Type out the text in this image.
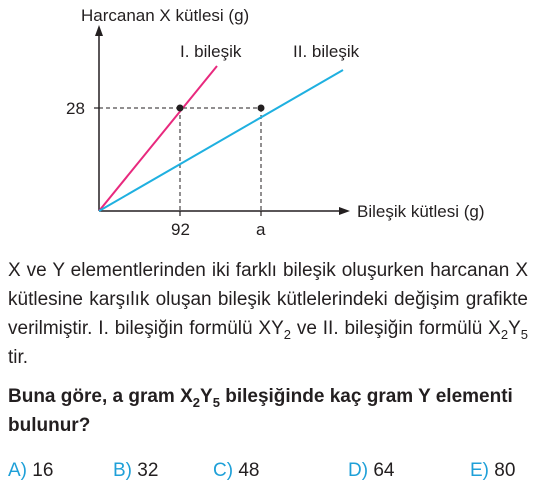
Harcanan X kütlesi (g)
Bileşik kütlesi (g)
28
92	a
I. bileşik	II. bileşik

X ve Y elementlerinden iki farklı bileşik oluşurken harcanan X kütlesine karşılık oluşan bileşik kütlelerindeki değişim grafikte verilmiştir. I. bileşiğin formülü $XY_2$ ve II. bileşiğin formülü $X_2Y_5$ tir.

Buna göre, a gram $X_2Y_5$ bileşiğinde kaç gram Y elementi
bulunur?

A) 16	B) 32	C) 48	D) 64	E) 80
